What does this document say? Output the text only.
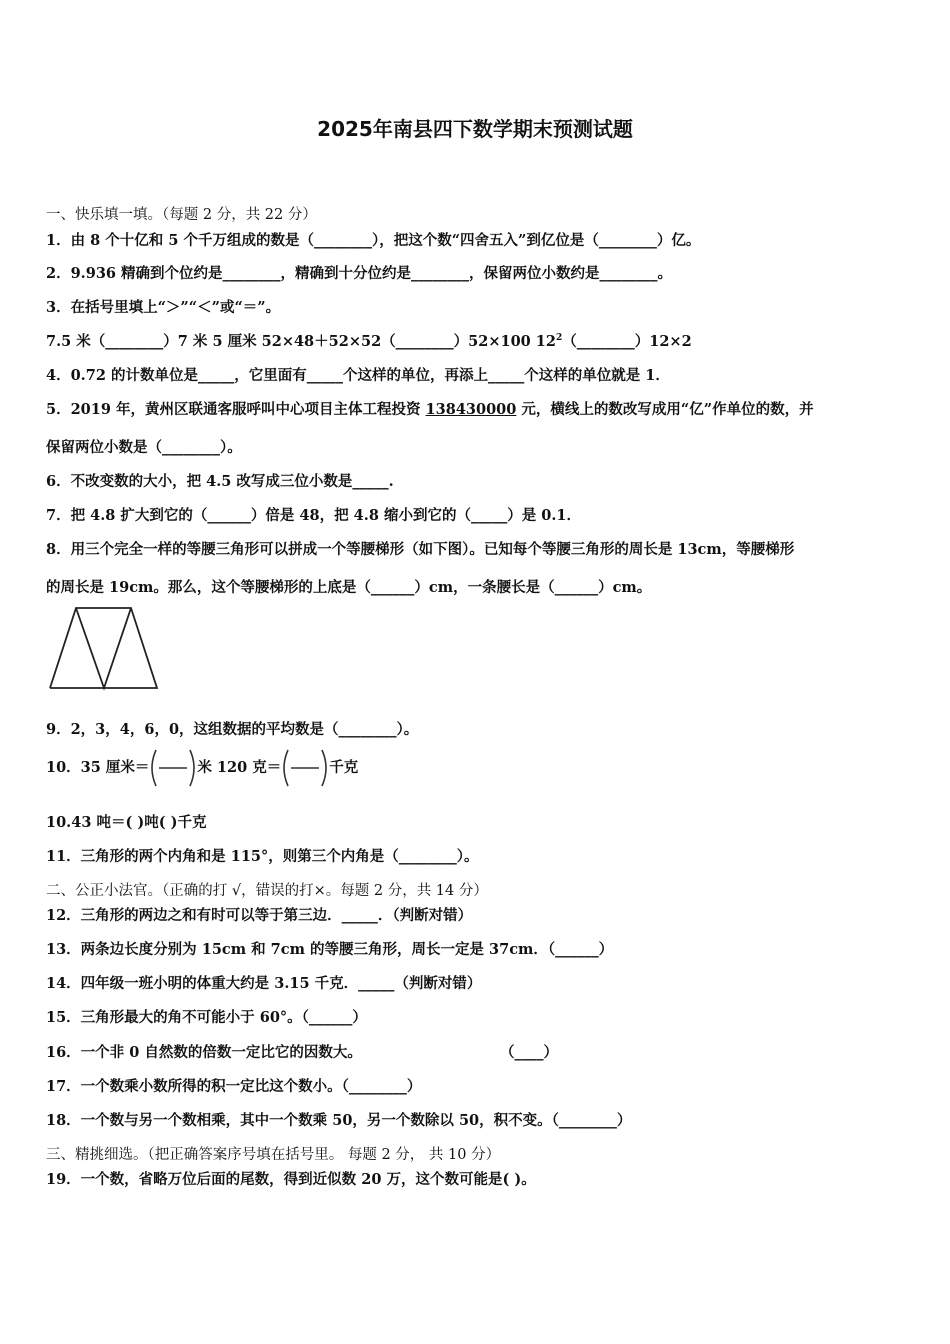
2025年南县四下数学期末预测试题
一、快乐填一填。（每题 2 分，共 22 分）
1．由 8 个十亿和 5 个千万组成的数是（________），把这个数“四舍五入”到亿位是（________）亿。
2．9.936 精确到个位约是________，精确到十分位约是________，保留两位小数约是________。
3．在括号里填上“＞”“＜”或“＝”。
7.5 米（________）7 米 5 厘米 52×48＋52×52（________）52×100 $12^2(\_\_\_\_\_\_\_\_)12\times 2$
4．0.72 的计数单位是_____，它里面有_____个这样的单位，再添上_____个这样的单位就是 1．
5．2019 年，黄州区联通客服呼叫中心项目主体工程投资 138430000 元，横线上的数改写成用“亿”作单位的数，并
保留两位小数是（________）。
6．不改变数的大小，把 4.5 改写成三位小数是_____.
7．把 4.8 扩大到它的（______）倍是 48，把 4.8 缩小到它的（_____）是 0.1．
8．用三个完全一样的等腰三角形可以拼成一个等腰梯形（如下图）。已知每个等腰三角形的周长是 13cm，等腰梯形
的周长是 19cm。那么，这个等腰梯形的上底是（______）cm，一条腰长是（______）cm。
9．2，3，4，6，0，这组数据的平均数是（________）。
10．35 厘米＝	米 120 克＝	千克
10.43 吨＝( )吨( )千克
11．三角形的两个内角和是 115°，则第三个内角是（________）。
二、公正小法官。（正确的打 √，错误的打×。每题 2 分，共 14 分）
12．三角形的两边之和有时可以等于第三边．_____．（判断对错）
13．两条边长度分别为 15cm 和 7cm 的等腰三角形，周长一定是 37cm．（______）
14．四年级一班小明的体重大约是 3.15 千克．_____（判断对错）
15．三角形最大的角不可能小于 60°。（______）
16．一个非 0 自然数的倍数一定比它的因数大。	（____）
17．一个数乘小数所得的积一定比这个数小。（________）
18．一个数与另一个数相乘，其中一个数乘 50，另一个数除以 50，积不变。（________）
三、精挑细选。（把正确答案序号填在括号里。 每题 2 分， 共 10 分）
19．一个数，省略万位后面的尾数，得到近似数 20 万，这个数可能是( )。
